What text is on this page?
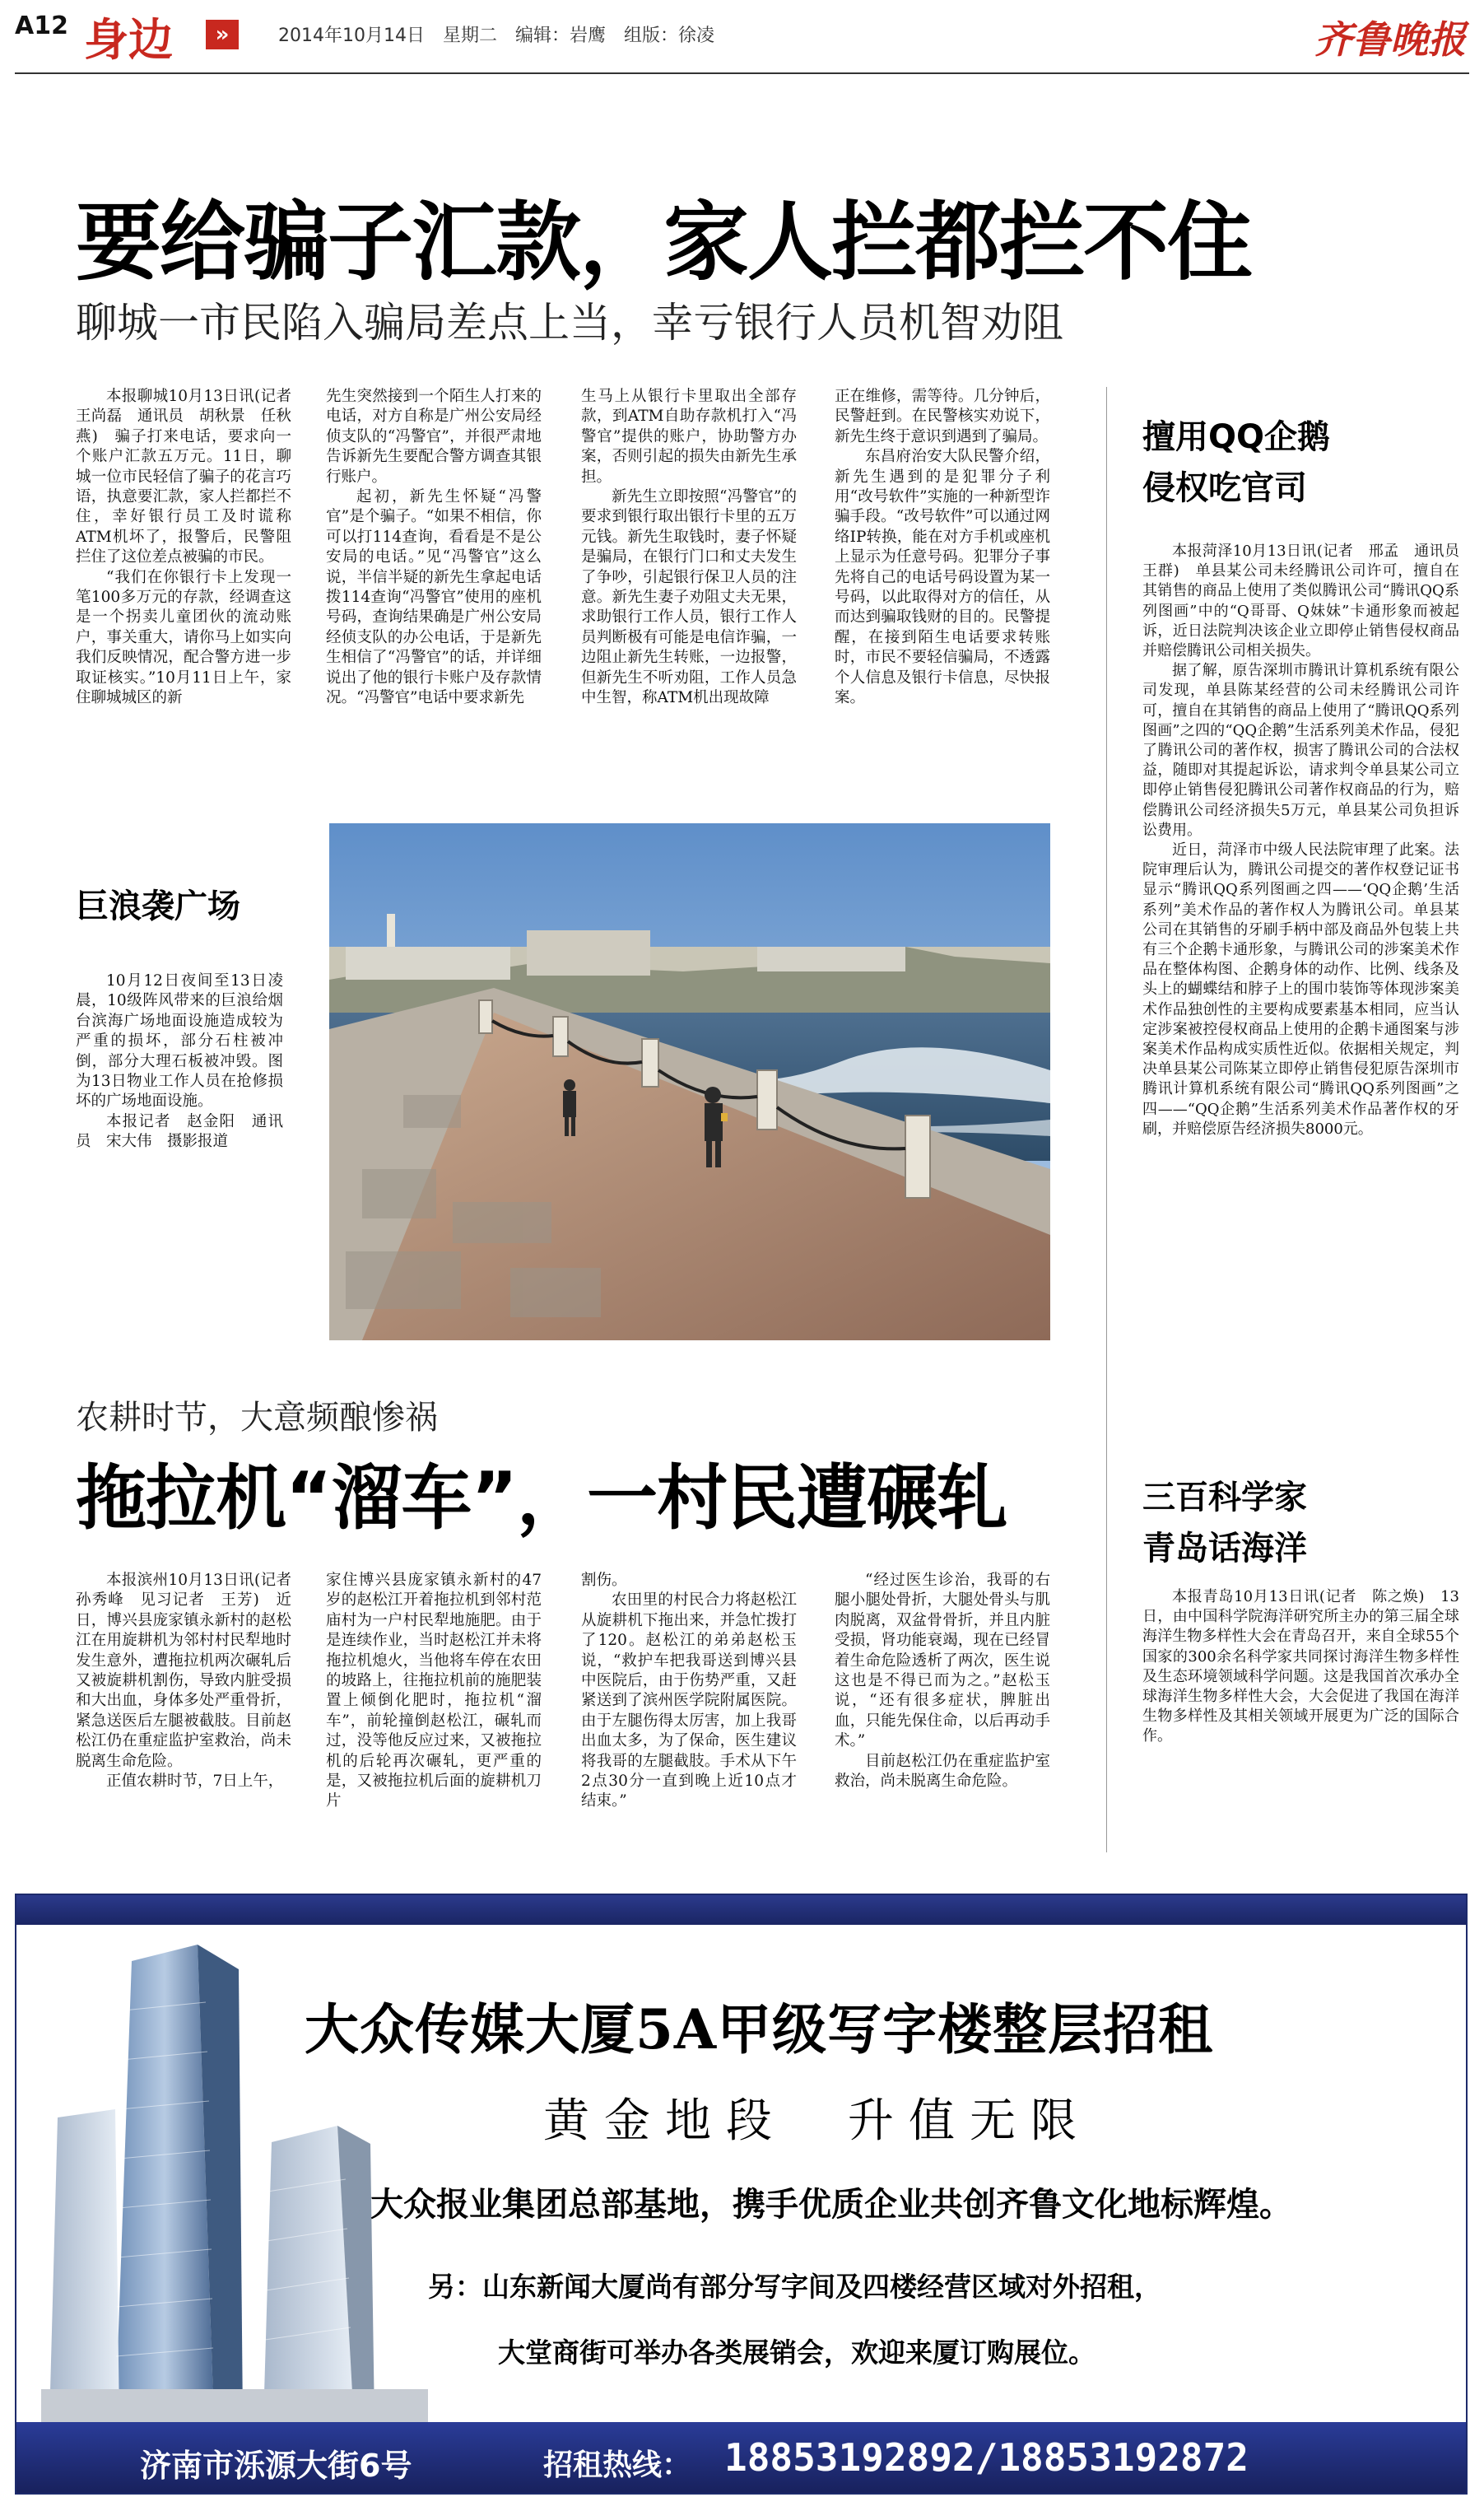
A12 身边	»	2014年10月14日　星期二　编辑：岩鹰　组版：徐凌	齐鲁晚报
要给骗子汇款，家人拦都拦不住
聊城一市民陷入骗局差点上当，幸亏银行人员机智劝阻

本报聊城10月13日讯(记者　王尚磊　通讯员　胡秋景　任秋燕)　骗子打来电话，要求向一个账户汇款五万元。11日，聊城一位市民轻信了骗子的花言巧语，执意要汇款，家人拦都拦不住，幸好银行员工及时谎称ATM机坏了，报警后，民警阻拦住了这位差点被骗的市民。

“我们在你银行卡上发现一笔100多万元的存款，经调查这是一个拐卖儿童团伙的流动账户，事关重大，请你马上如实向我们反映情况，配合警方进一步取证核实。”10月11日上午，家住聊城城区的新

先生突然接到一个陌生人打来的电话，对方自称是广州公安局经侦支队的“冯警官”，并很严肃地告诉新先生要配合警方调查其银行账户。

起初，新先生怀疑“冯警官”是个骗子。“如果不相信，你可以打114查询，看看是不是公安局的电话。”见“冯警官”这么说，半信半疑的新先生拿起电话拨114查询“冯警官”使用的座机号码，查询结果确是广州公安局经侦支队的办公电话，于是新先生相信了“冯警官”的话，并详细说出了他的银行卡账户及存款情况。“冯警官”电话中要求新先

生马上从银行卡里取出全部存款，到ATM自助存款机打入“冯警官”提供的账户，协助警方办案，否则引起的损失由新先生承担。

新先生立即按照“冯警官”的要求到银行取出银行卡里的五万元钱。新先生取钱时，妻子怀疑是骗局，在银行门口和丈夫发生了争吵，引起银行保卫人员的注意。新先生妻子劝阻丈夫无果，求助银行工作人员，银行工作人员判断极有可能是电信诈骗，一边阻止新先生转账，一边报警，但新先生不听劝阻，工作人员急中生智，称ATM机出现故障

正在维修，需等待。几分钟后，民警赶到。在民警核实劝说下，新先生终于意识到遇到了骗局。

东昌府治安大队民警介绍，新先生遇到的是犯罪分子利用“改号软件”实施的一种新型诈骗手段。“改号软件”可以通过网络IP转换，能在对方手机或座机上显示为任意号码。犯罪分子事先将自己的电话号码设置为某一号码，以此取得对方的信任，从而达到骗取钱财的目的。民警提醒，在接到陌生电话要求转账时，市民不要轻信骗局，不透露个人信息及银行卡信息，尽快报案。

擅用QQ企鹅
侵权吃官司

本报菏泽10月13日讯(记者　邢孟　通讯员　王群)　单县某公司未经腾讯公司许可，擅自在其销售的商品上使用了类似腾讯公司“腾讯QQ系列图画”中的“Q哥哥、Q妹妹”卡通形象而被起诉，近日法院判决该企业立即停止销售侵权商品并赔偿腾讯公司相关损失。

据了解，原告深圳市腾讯计算机系统有限公司发现，单县陈某经营的公司未经腾讯公司许可，擅自在其销售的商品上使用了“腾讯QQ系列图画”之四的“QQ企鹅”生活系列美术作品，侵犯了腾讯公司的著作权，损害了腾讯公司的合法权益，随即对其提起诉讼，请求判令单县某公司立即停止销售侵犯腾讯公司著作权商品的行为，赔偿腾讯公司经济损失5万元，单县某公司负担诉讼费用。

近日，菏泽市中级人民法院审理了此案。法院审理后认为，腾讯公司提交的著作权登记证书显示“腾讯QQ系列图画之四——‘QQ企鹅’生活系列”美术作品的著作权人为腾讯公司。单县某公司在其销售的牙刷手柄中部及商品外包装上共有三个企鹅卡通形象，与腾讯公司的涉案美术作品在整体构图、企鹅身体的动作、比例、线条及头上的蝴蝶结和脖子上的围巾装饰等体现涉案美术作品独创性的主要构成要素基本相同，应当认定涉案被控侵权商品上使用的企鹅卡通图案与涉案美术作品构成实质性近似。依据相关规定，判决单县某公司陈某立即停止销售侵犯原告深圳市腾讯计算机系统有限公司“腾讯QQ系列图画”之四——“QQ企鹅”生活系列美术作品著作权的牙刷，并赔偿原告经济损失8000元。

三百科学家
青岛话海洋

本报青岛10月13日讯(记者　陈之焕)　13日，由中国科学院海洋研究所主办的第三届全球海洋生物多样性大会在青岛召开，来自全球55个国家的300余名科学家共同探讨海洋生物多样性及生态环境领域科学问题。这是我国首次承办全球海洋生物多样性大会，大会促进了我国在海洋生物多样性及其相关领域开展更为广泛的国际合作。

巨浪袭广场

10月12日夜间至13日凌晨，10级阵风带来的巨浪给烟台滨海广场地面设施造成较为严重的损坏，部分石柱被冲倒，部分大理石板被冲毁。图为13日物业工作人员在抢修损坏的广场地面设施。

本报记者　赵金阳　通讯员　宋大伟　摄影报道

农耕时节，大意频酿惨祸
拖拉机“溜车”，一村民遭碾轧

本报滨州10月13日讯(记者　孙秀峰　见习记者　王芳)　近日，博兴县庞家镇永新村的赵松江在用旋耕机为邻村村民犁地时发生意外，遭拖拉机两次碾轧后又被旋耕机割伤，导致内脏受损和大出血，身体多处严重骨折，紧急送医后左腿被截肢。目前赵松江仍在重症监护室救治，尚未脱离生命危险。

正值农耕时节，7日上午，

家住博兴县庞家镇永新村的47岁的赵松江开着拖拉机到邻村范庙村为一户村民犁地施肥。由于是连续作业，当时赵松江并未将拖拉机熄火，当他将车停在农田的坡路上，往拖拉机前的施肥装置上倾倒化肥时，拖拉机“溜车”，前轮撞倒赵松江，碾轧而过，没等他反应过来，又被拖拉机的后轮再次碾轧，更严重的是，又被拖拉机后面的旋耕机刀片

割伤。

农田里的村民合力将赵松江从旋耕机下拖出来，并急忙拨打了120。赵松江的弟弟赵松玉说，“救护车把我哥送到博兴县中医院后，由于伤势严重，又赶紧送到了滨州医学院附属医院。由于左腿伤得太厉害，加上我哥出血太多，为了保命，医生建议将我哥的左腿截肢。手术从下午2点30分一直到晚上近10点才结束。”

“经过医生诊治，我哥的右腿小腿处骨折，大腿处骨头与肌肉脱离，双盆骨骨折，并且内脏受损，肾功能衰竭，现在已经冒着生命危险透析了两次，医生说这也是不得已而为之。”赵松玉说，“还有很多症状，脾脏出血，只能先保住命，以后再动手术。”

目前赵松江仍在重症监护室救治，尚未脱离生命危险。

大众传媒大厦5A甲级写字楼整层招租
黄金地段　升值无限
大众报业集团总部基地，携手优质企业共创齐鲁文化地标辉煌。
另：山东新闻大厦尚有部分写字间及四楼经营区域对外招租，
大堂商街可举办各类展销会，欢迎来厦订购展位。
济南市泺源大街6号	招租热线： 18853192892/18853192872
